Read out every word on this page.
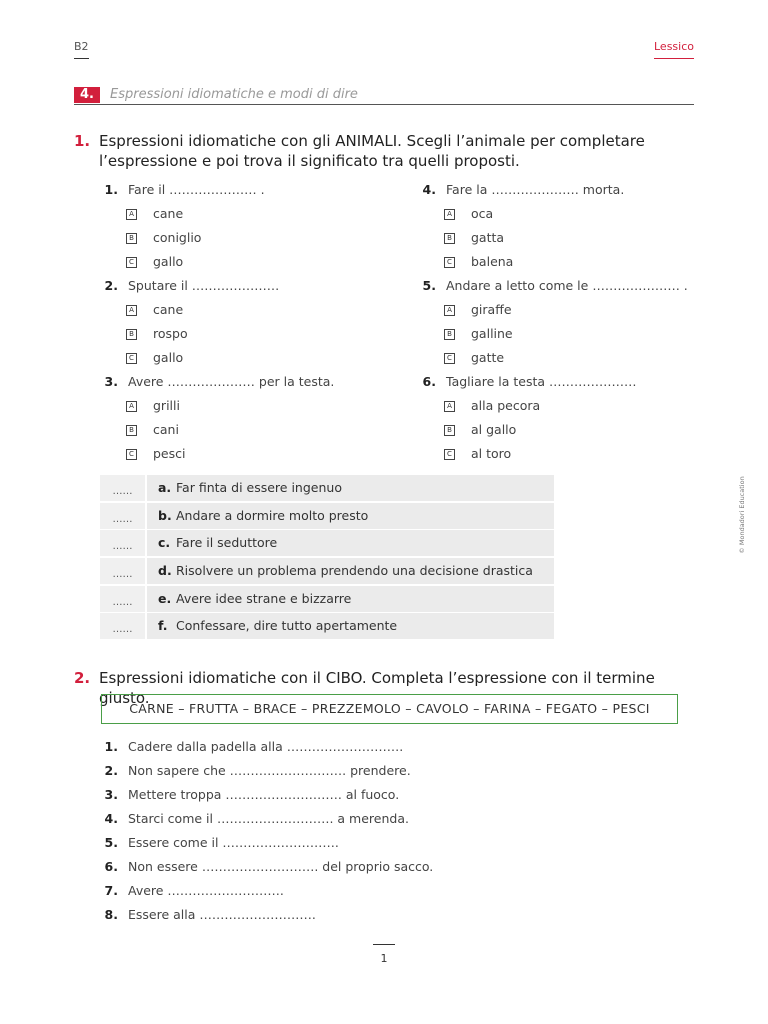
B2	Lessico
4.	Espressioni idiomatiche e modi di dire
1. Espressioni idiomatiche con gli ANIMALI. Scegli l’animale per completare l’espressione e poi trova il significato tra quelli proposti.
1. Fare il ………………… .
A cane
B coniglio
C gallo
2. Sputare il …………………
A cane
B rospo
C gallo
3. Avere ………………… per la testa.
A grilli
B cani
C pesci
4. Fare la ………………… morta.
A oca
B gatta
C balena
5. Andare a letto come le ………………… .
A giraffe
B galline
C gatte
6. Tagliare la testa …………………
A alla pecora
B al gallo
C al toro
……	a. Far finta di essere ingenuo
……	b. Andare a dormire molto presto
……	c. Fare il seduttore
……	d. Risolvere un problema prendendo una decisione drastica
……	e. Avere idee strane e bizzarre
……	f. Confessare, dire tutto apertamente
2. Espressioni idiomatiche con il CIBO. Completa l’espressione con il termine giusto.
CARNE – FRUTTA – BRACE – PREZZEMOLO – CAVOLO – FARINA – FEGATO – PESCI
1. Cadere dalla padella alla ……………………….
2. Non sapere che ………………………. prendere.
3. Mettere troppa ………………………. al fuoco.
4. Starci come il ………………………. a merenda.
5. Essere come il ……………………….
6. Non essere ………………………. del proprio sacco.
7. Avere ……………………….
8. Essere alla ……………………….
© Mondadori Education
1
